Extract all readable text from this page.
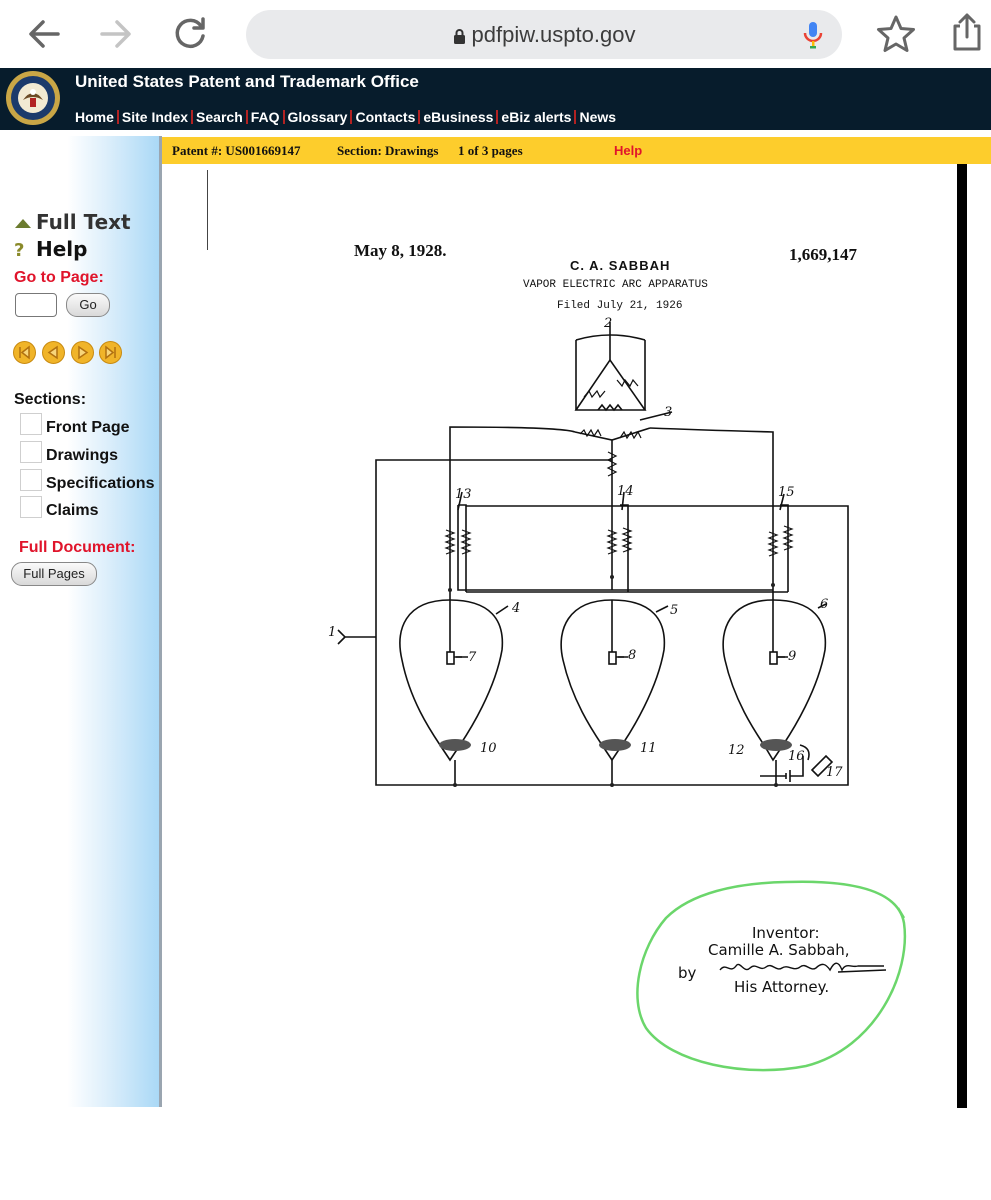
pdfpiw.uspto.gov
United States Patent and Trademark Office
Home Site Index Search FAQ Glossary Contacts eBusiness eBiz alerts News
Full Text
? Help
Go to Page:
Go
Sections:
Front Page
Drawings
Specifications
Claims
Full Document:
Full Pages
Patent #: US001669147	Section: Drawings 1 of 3 pages	Help
May 8, 1928.
C. A. SABBAH
1,669,147
VAPOR ELECTRIC ARC APPARATUS
Filed July 21, 1926
1
2
3
4	5	6
7	8	9
10	11	12
13	14	15
16
17
Inventor:
Camille A. Sabbah,
by
His Attorney.
